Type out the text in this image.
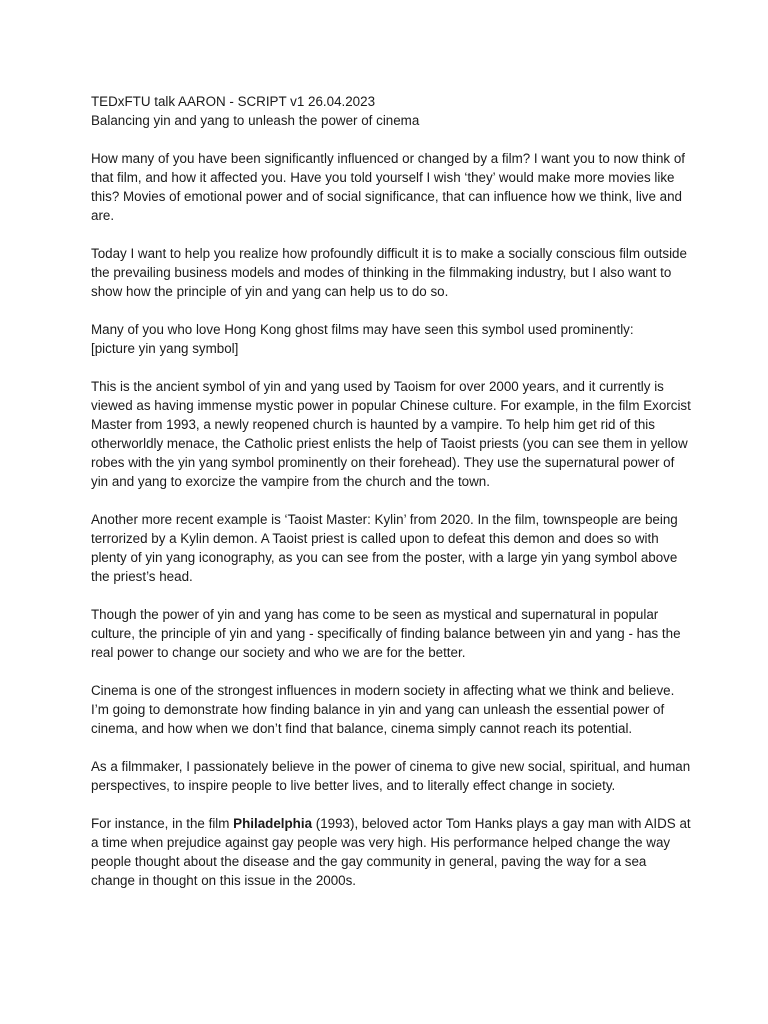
TEDxFTU talk AARON - SCRIPT v1 26.04.2023
Balancing yin and yang to unleash the power of cinema

How many of you have been significantly influenced or changed by a film? I want you to now think of that film, and how it affected you. Have you told yourself I wish ‘they’ would make more movies like this? Movies of emotional power and of social significance, that can influence how we think, live and are.

Today I want to help you realize how profoundly difficult it is to make a socially conscious film outside the prevailing business models and modes of thinking in the filmmaking industry, but I also want to show how the principle of yin and yang can help us to do so.

Many of you who love Hong Kong ghost films may have seen this symbol used prominently:
[picture yin yang symbol]

This is the ancient symbol of yin and yang used by Taoism for over 2000 years, and it currently is viewed as having immense mystic power in popular Chinese culture. For example, in the film Exorcist Master from 1993, a newly reopened church is haunted by a vampire. To help him get rid of this otherworldly menace, the Catholic priest enlists the help of Taoist priests (you can see them in yellow robes with the yin yang symbol prominently on their forehead). They use the supernatural power of yin and yang to exorcize the vampire from the church and the town.

Another more recent example is ‘Taoist Master: Kylin’ from 2020. In the film, townspeople are being terrorized by a Kylin demon. A Taoist priest is called upon to defeat this demon and does so with plenty of yin yang iconography, as you can see from the poster, with a large yin yang symbol above the priest’s head.

Though the power of yin and yang has come to be seen as mystical and supernatural in popular culture, the principle of yin and yang - specifically of finding balance between yin and yang - has the real power to change our society and who we are for the better.

Cinema is one of the strongest influences in modern society in affecting what we think and believe. I’m going to demonstrate how finding balance in yin and yang can unleash the essential power of cinema, and how when we don’t find that balance, cinema simply cannot reach its potential.

As a filmmaker, I passionately believe in the power of cinema to give new social, spiritual, and human perspectives, to inspire people to live better lives, and to literally effect change in society.

For instance, in the film Philadelphia (1993), beloved actor Tom Hanks plays a gay man with AIDS at a time when prejudice against gay people was very high. His performance helped change the way people thought about the disease and the gay community in general, paving the way for a sea change in thought on this issue in the 2000s.
